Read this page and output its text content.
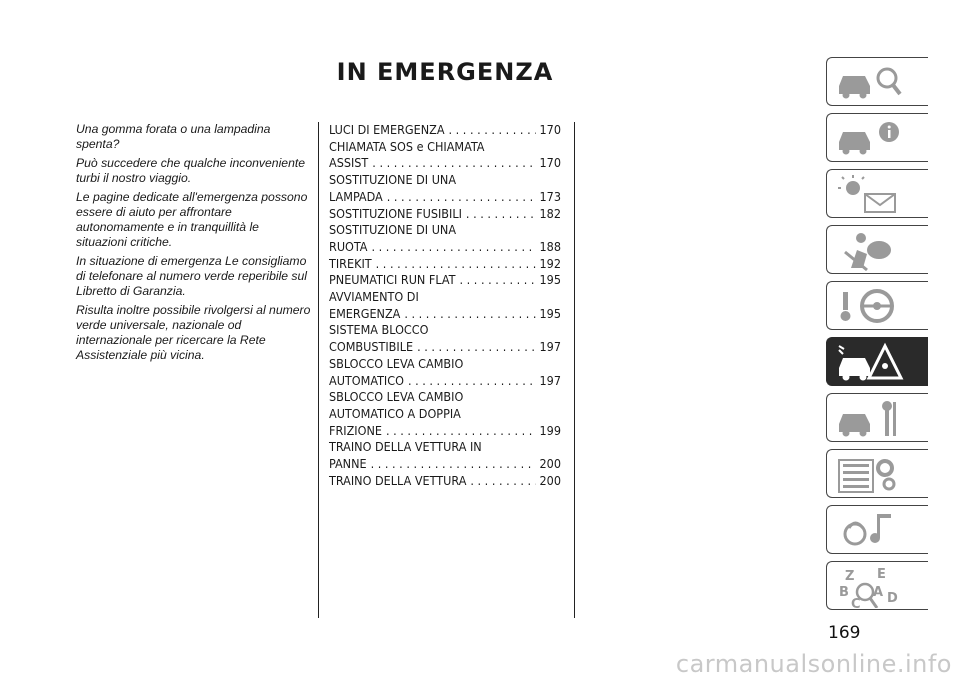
IN EMERGENZA

Una gomma forata o una lampadina spenta?

Può succedere che qualche inconveniente turbi il nostro viaggio.

Le pagine dedicate all'emergenza possono essere di aiuto per affrontare autonomamente e in tranquillità le situazioni critiche.

In situazione di emergenza Le consigliamo di telefonare al numero verde reperibile sul Libretto di Garanzia.

Risulta inoltre possibile rivolgersi al numero verde universale, nazionale od internazionale per ricercare la Rete Assistenziale più vicina.

LUCI DI EMERGENZA . . .	170
CHIAMATA SOS e CHIAMATA
ASSIST . . .	170
SOSTITUZIONE DI UNA
LAMPADA . . .	173
SOSTITUZIONE FUSIBILI . . .	182
SOSTITUZIONE DI UNA
RUOTA . . .	188
TIREKIT . . .	192
PNEUMATICI RUN FLAT . . .	195
AVVIAMENTO DI
EMERGENZA . . .	195
SISTEMA BLOCCO
COMBUSTIBILE . . .	197
SBLOCCO LEVA CAMBIO
AUTOMATICO . . .	197
SBLOCCO LEVA CAMBIO
AUTOMATICO A DOPPIA
FRIZIONE . . .	199
TRAINO DELLA VETTURA IN
PANNE . . .	200
TRAINO DELLA VETTURA . . .	200
Z E
B A
C D
169
carmanualsonline.info
